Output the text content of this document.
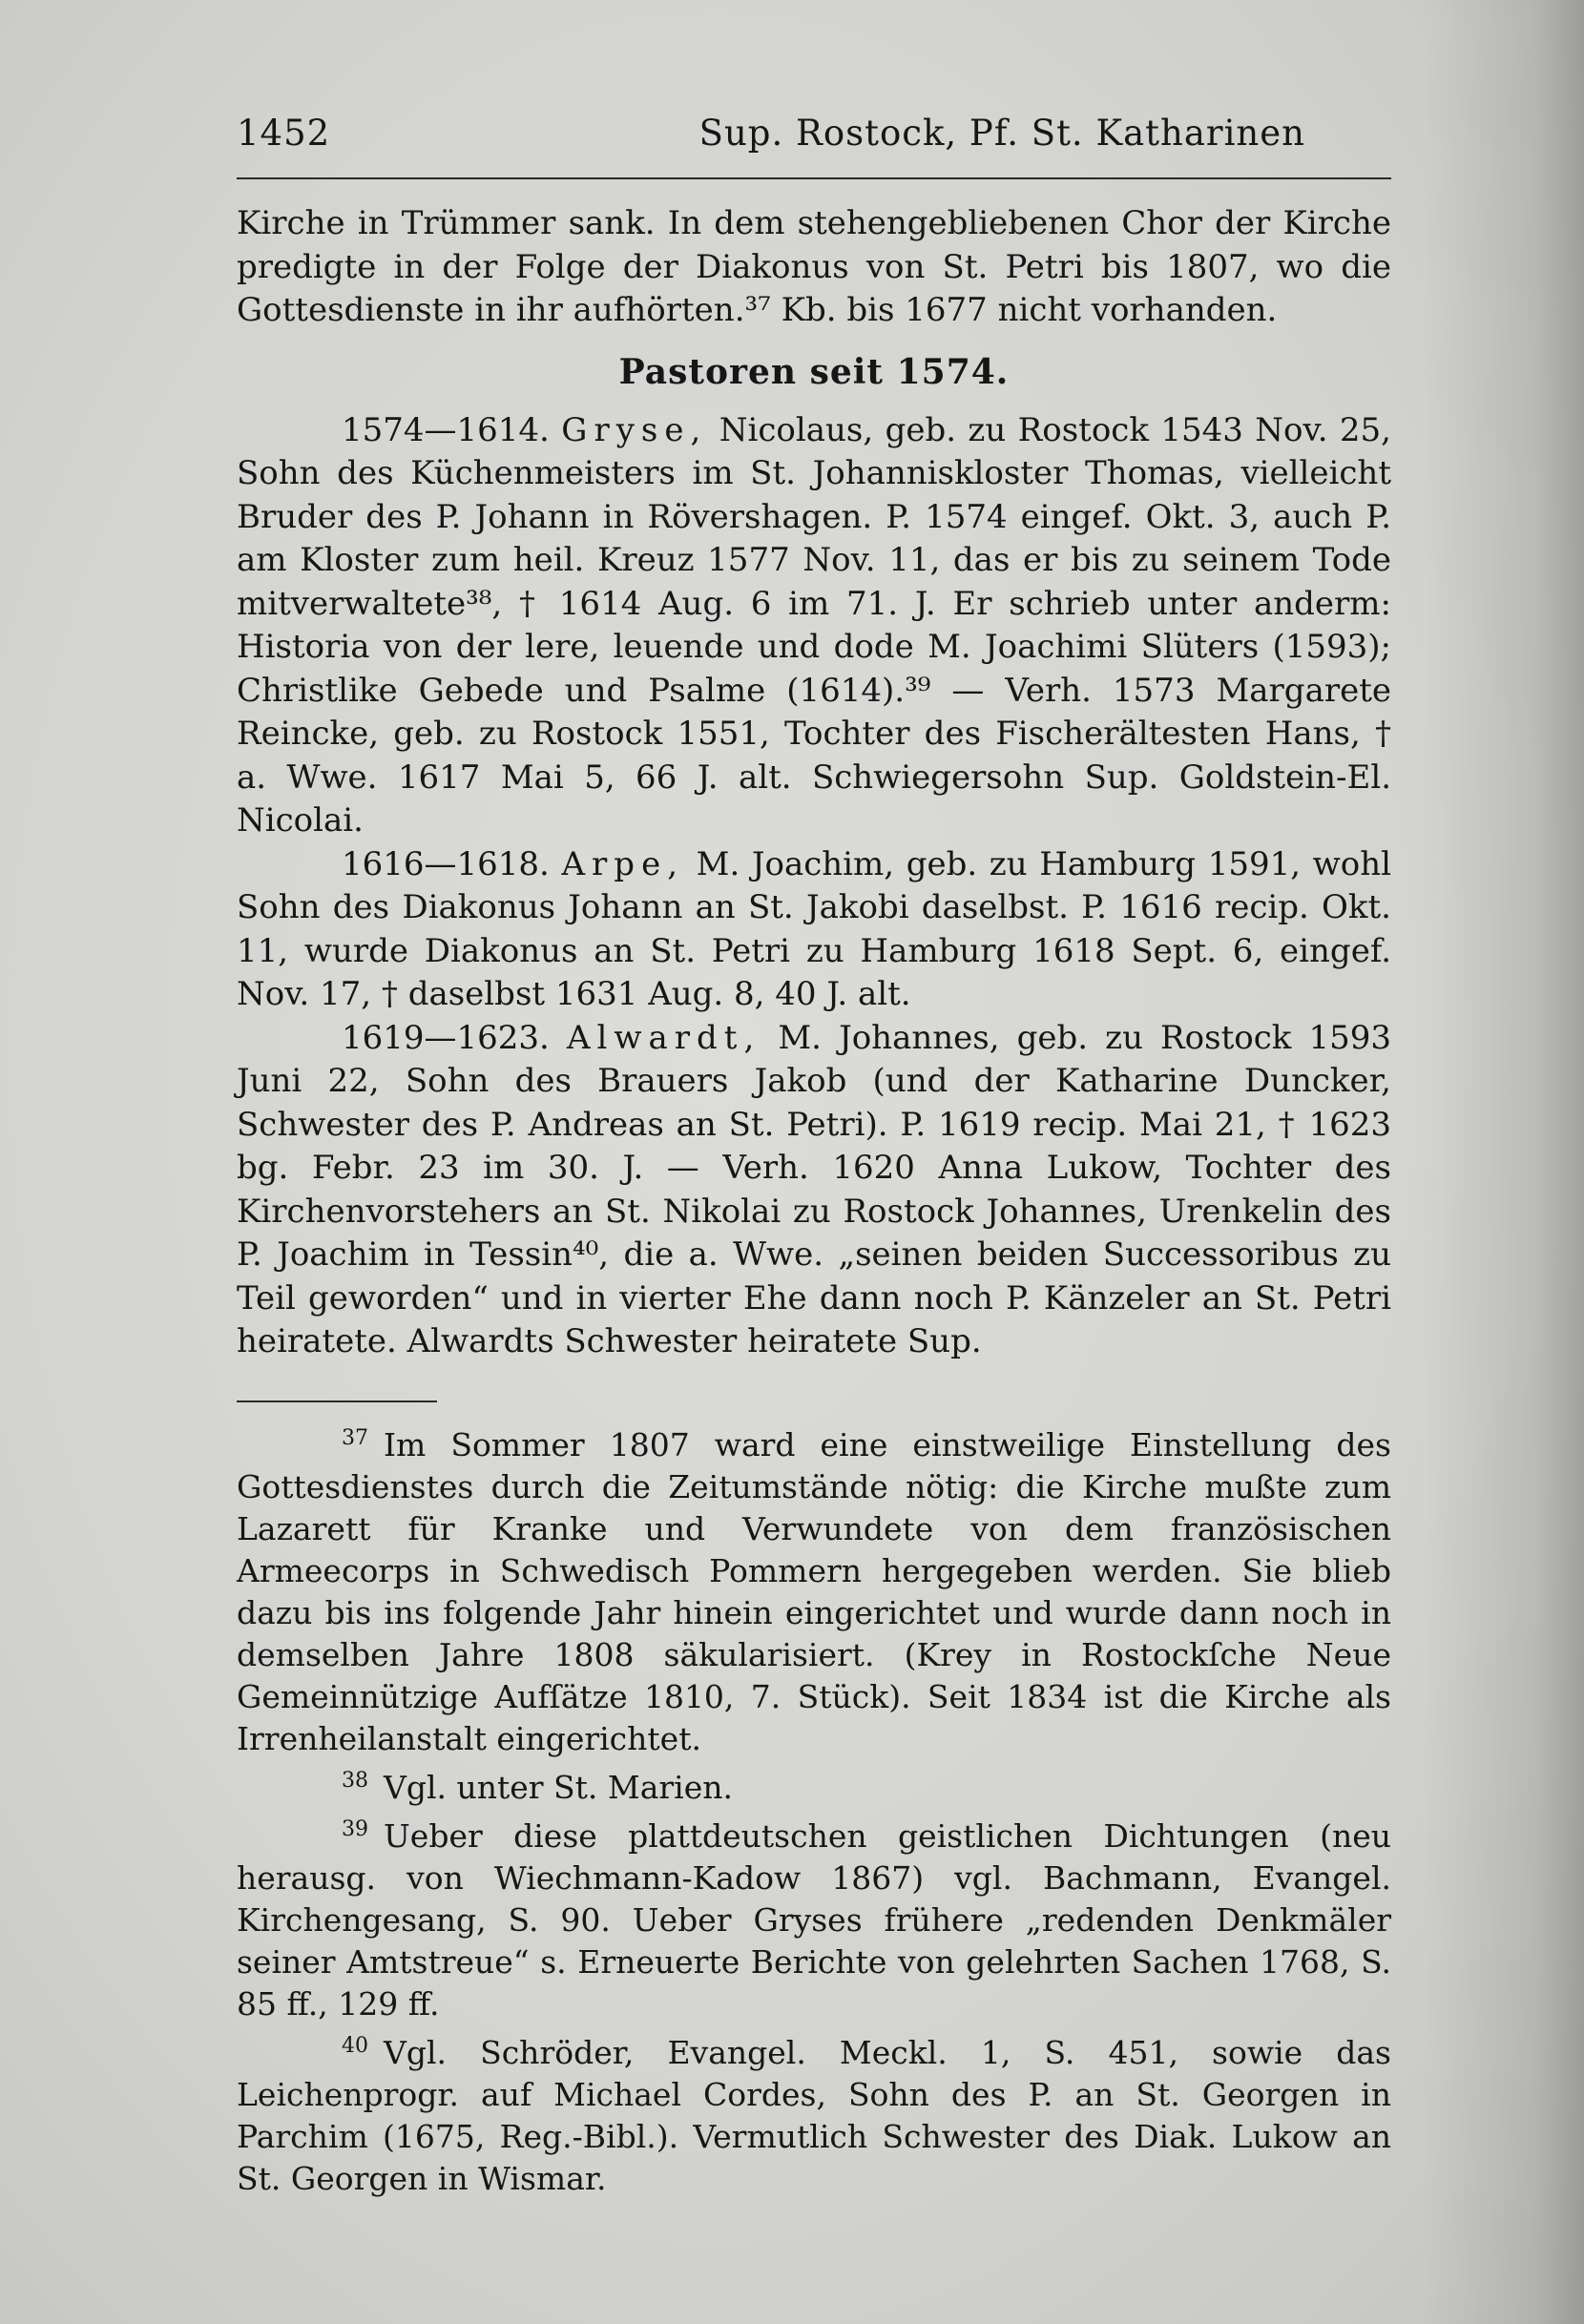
1452	Sup. Rostock, Pf. St. Katharinen

Kirche in Trümmer sank. In dem stehengebliebenen Chor der Kirche predigte in der Folge der Diakonus von St. Petri bis 1807, wo die Gottesdienste in ihr aufhörten.³⁷ Kb. bis 1677 nicht vorhanden.

Pastoren seit 1574.

1574—1614. Gryse, Nicolaus, geb. zu Rostock 1543 Nov. 25, Sohn des Küchenmeisters im St. Johanniskloster Thomas, vielleicht Bruder des P. Johann in Rövershagen. P. 1574 eingef. Okt. 3, auch P. am Kloster zum heil. Kreuz 1577 Nov. 11, das er bis zu seinem Tode mitverwaltete³⁸, † 1614 Aug. 6 im 71. J. Er schrieb unter anderm: Historia von der lere, leuende und dode M. Joachimi Slüters (1593); Christlike Gebede und Psalme (1614).³⁹ — Verh. 1573 Margarete Reincke, geb. zu Rostock 1551, Tochter des Fischerältesten Hans, † a. Wwe. 1617 Mai 5, 66 J. alt. Schwiegersohn Sup. Goldstein-El. Nicolai.

1616—1618. Arpe, M. Joachim, geb. zu Hamburg 1591, wohl Sohn des Diakonus Johann an St. Jakobi daselbst. P. 1616 recip. Okt. 11, wurde Diakonus an St. Petri zu Hamburg 1618 Sept. 6, eingef. Nov. 17, † daselbst 1631 Aug. 8, 40 J. alt.

1619—1623. Alwardt, M. Johannes, geb. zu Rostock 1593 Juni 22, Sohn des Brauers Jakob (und der Katharine Duncker, Schwester des P. Andreas an St. Petri). P. 1619 recip. Mai 21, † 1623 bg. Febr. 23 im 30. J. — Verh. 1620 Anna Lukow, Tochter des Kirchenvorstehers an St. Nikolai zu Rostock Johannes, Urenkelin des P. Joachim in Tessin⁴⁰, die a. Wwe. „seinen beiden Successoribus zu Teil geworden“ und in vierter Ehe dann noch P. Känzeler an St. Petri heiratete. Alwardts Schwester heiratete Sup.

$^{37}$ Im Sommer 1807 ward eine einstweilige Einstellung des Gottesdienstes durch die Zeitumstände nötig: die Kirche mußte zum Lazarett für Kranke und Verwundete von dem französischen Armeecorps in Schwedisch Pommern hergegeben werden. Sie blieb dazu bis ins folgende Jahr hinein eingerichtet und wurde dann noch in demselben Jahre 1808 säkularisiert. (Krey in Rostockſche Neue Gemeinnützige Aufſätze 1810, 7. Stück). Seit 1834 ist die Kirche als Irrenheilanstalt eingerichtet.

$^{38}$ Vgl. unter St. Marien.

$^{39}$ Ueber diese plattdeutschen geistlichen Dichtungen (neu herausg. von Wiechmann-Kadow 1867) vgl. Bachmann, Evangel. Kirchengesang, S. 90. Ueber Gryses frühere „redenden Denkmäler seiner Amtstreue“ s. Erneuerte Berichte von gelehrten Sachen 1768, S. 85 ff., 129 ff.

$^{40}$ Vgl. Schröder, Evangel. Meckl. 1, S. 451, sowie das Leichenprogr. auf Michael Cordes, Sohn des P. an St. Georgen in Parchim (1675, Reg.-Bibl.). Vermutlich Schwester des Diak. Lukow an St. Georgen in Wismar.
